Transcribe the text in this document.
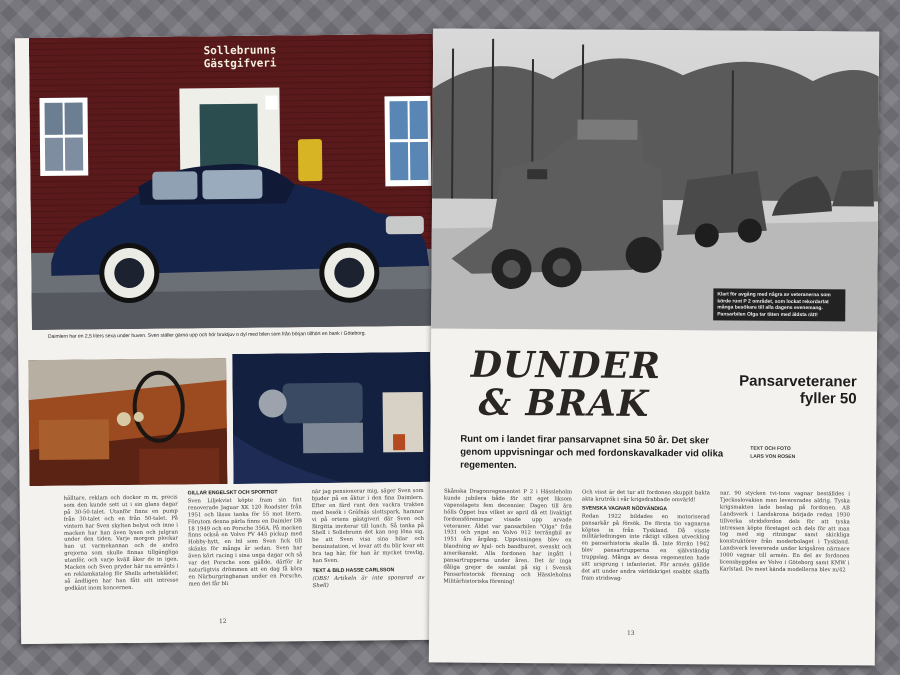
Sollebrunns
Gästgifveri
Daimlern har en 2,5 liters sexa under huven. Sven ställer gärna upp och hör bruktjuv o dyl med bilen som från början tillhört en bank i Göteborg.

hälltare, reklam och dockor m m, precis som den kunde sett ut i sin glans dagar på 30-50-talet. Utanför finns en pump från 30-talet och en från 50-talet. På vintern har Sven skylten belyst och inne i macken har han även lysen och julgran under den tiden. Varje morgon plockar han ut varmekannan och de andra grejorna som skulle finnas tillgängliga utanför, och varje kväll åker de in igen. Macken och Sven pryder här nu använts i en reklamkatalog för Shells arbetskläder, så ändligen har han fått sitt intresse godkänt inom koncernen.

GILLAR ENGELSKT OCH SPORTIGT

Sven Liljekvist köpte fram sin fint renoverade Jaguar XK 120 Roadster från 1951 och läsus tanka för 55 mot litern. Förutom denna pärla finns en Daimler DB 18 1949 och en Porsche 356A. På macken finns också en Volvo PV 445 pickup med Hobby-hytt, en bil som Sven fick till skänks för många år sedan. Sven har även kört racing i sina unga dagar och så var det Porsche som gällde, därför är naturligtvis drömmen att en dag få köra en Nürburgringbanan under en Porsche, men det får bli

när jag pensionerar mig, säger Sven som bjuder på en åktur i den fina Daimlern. Efter en färd runt den vackra trakten med besök i Gräfnäs slottspark, hamnar vi på ortens gästgiveri där Sven och Birgitta inviterar till lunch. Så tanka på Shell i Sollebrunn det kan nog löna sig, be att Sven visa sina bilar och bensinstation, vi lovar att du blir kvar ett bra tag här, för han är mycket trevlig, han Sven.

TEXT & BILD HASSE CARLSSON
(OBS! Artikeln är inte sponsrad av Shell)
12
Klart för avgång med några av veteranerna som körde runt P 2 området, som lockat rekordartat många besökare till alla dagens evenemang. Pansarbilen Olga tar täten med äldsta rätt!
DUNDER
& BRAK
Pansarveteraner
fyller 50
Runt om i landet firar pansarvapnet sina 50 år. Det sker genom uppvisningar och med fordonskavalkader vid olika regementen.
TEXT OCH FOTO
LARS VON ROSEN

Skånska Dragonregementet P 2 i Hässleholm kunde jubilera både för sitt eget liksom vapenslagets fem decennier. Dagen till ära hölls Öppet hus vilket av april då ett livaktigt fordonsföreningar visade upp arvade veteraner. Äldst var pansarbilen "Olga" från 1931 och yngst en Volvo 912 terrängbil av 1951 års årgång. Uppvisningen blev en blandning av hjul- och bandburet, svenskt och amerikanskt. Alla fordonen har ingått i pansartrupperna under åren. Det är inga dåliga grejor de samlat på sig i Svensk Pansarhistorisk förening och Hässleholms Militärhistoriska förening!

Och visst är det tur att fordonen skuppit bakta akta krutrök i vår krigsdrabbade omvärld!

SVENSKA VAGNAR NÖDVÄNDIGA

Redan 1922 bildades en motoriserad pansarkår på försök. De första tio vagnarna köptes in från Tyskland. Då visste militärledningen inte riktigt vilken utveckling en pansarhistoria skulle få. Inte förrän 1942 blev pansartrupperna en självständig truppslag. Många av dessa regementen hade sitt ursprung i infanteriet. För armén gällde det att under andra världskriget snabbt skaffa fram stridsvag-

nar. 90 stycken tvi-tons vagnar beställdes i Tjeckoslovakien men levererades aldrig. Tyska krigsmakten lade beslag på fordonen. AB Landsverk i Landskrona började redan 1930 tillverka stridsfordon dels för att tyska intressen köpte företaget och dels för att man tog med sig ritningar samt skickliga konstruktörer från moderbolaget i Tyskland. Landsverk levererade under krigsåren närmare 1000 vagnar till armén. En del av fordonen licensbyggdes av Volvo i Göteborg samt KMW i Karlstad. De mest kända modellerna blev m/42

13
